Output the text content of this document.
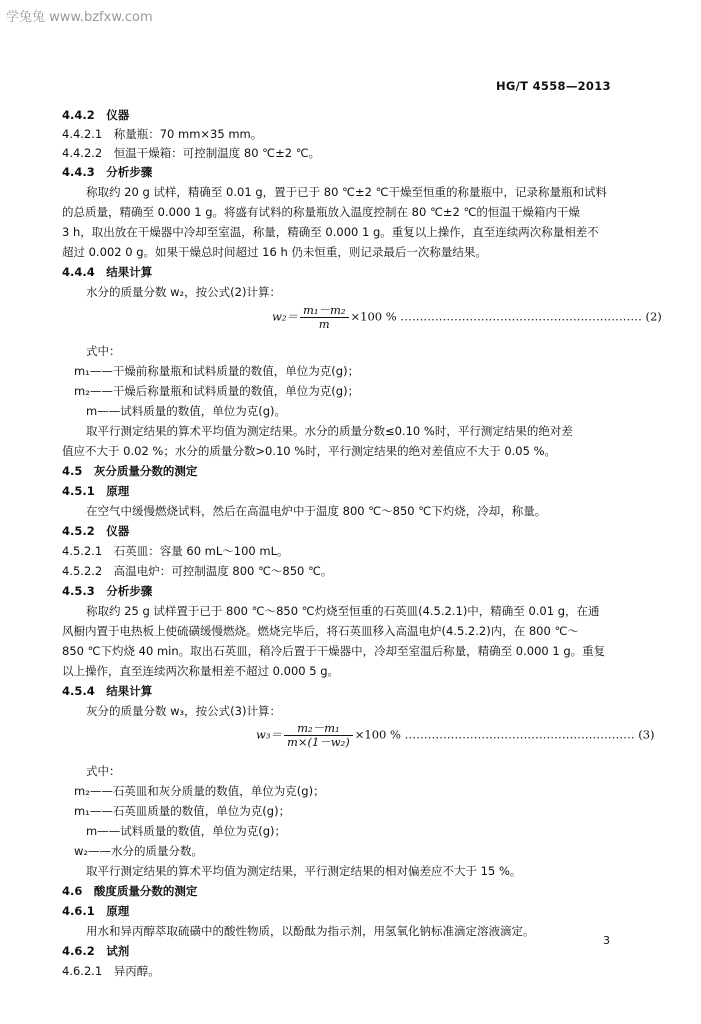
学兔兔 www.bzfxw.com
HG/T 4558—2013
4.4.2　仪器
4.4.2.1　称量瓶：70 mm×35 mm。
4.4.2.2　恒温干燥箱：可控制温度 80 ℃±2 ℃。
4.4.3　分析步骤
称取约 20 g 试样，精确至 0.01 g，置于已于 80 ℃±2 ℃干燥至恒重的称量瓶中，记录称量瓶和试料
的总质量，精确至 0.000 1 g。将盛有试料的称量瓶放入温度控制在 80 ℃±2 ℃的恒温干燥箱内干燥
3 h，取出放在干燥器中冷却至室温，称量，精确至 0.000 1 g。重复以上操作，直至连续两次称量相差不
超过 0.002 0 g。如果干燥总时间超过 16 h 仍未恒重，则记录最后一次称量结果。
4.4.4　结果计算
水分的质量分数 w₂，按公式(2)计算：
$w_2= \frac{\text{m₁－m₂}}{m} \times 100$ % ……………………………………………………… (2)
式中：
m₁——干燥前称量瓶和试料质量的数值，单位为克(g)；
m₂——干燥后称量瓶和试料质量的数值，单位为克(g)；
m——试料质量的数值，单位为克(g)。
取平行测定结果的算术平均值为测定结果。水分的质量分数≤0.10 %时，平行测定结果的绝对差
值应不大于 0.02 %；水分的质量分数>0.10 %时，平行测定结果的绝对差值应不大于 0.05 %。
4.5　灰分质量分数的测定
4.5.1　原理
在空气中缓慢燃烧试料，然后在高温电炉中于温度 800 ℃～850 ℃下灼烧，冷却，称量。
4.5.2　仪器
4.5.2.1　石英皿：容量 60 mL～100 mL。
4.5.2.2　高温电炉：可控制温度 800 ℃～850 ℃。
4.5.3　分析步骤
称取约 25 g 试样置于已于 800 ℃～850 ℃灼烧至恒重的石英皿(4.5.2.1)中，精确至 0.01 g，在通
风橱内置于电热板上使硫磺缓慢燃烧。燃烧完毕后，将石英皿移入高温电炉(4.5.2.2)内，在 800 ℃～
850 ℃下灼烧 40 min。取出石英皿，稍冷后置于干燥器中，冷却至室温后称量，精确至 0.000 1 g。重复
以上操作，直至连续两次称量相差不超过 0.000 5 g。
4.5.4　结果计算
灰分的质量分数 w₃，按公式(3)计算：
$w_3= \frac{\text{m₂－m₁}}{\text{m×(1－w₂)}} \times 100$ % …………………………………………………… (3)
式中：
m₂——石英皿和灰分质量的数值，单位为克(g)；
m₁——石英皿质量的数值，单位为克(g)；
m——试料质量的数值，单位为克(g)；
w₂——水分的质量分数。
取平行测定结果的算术平均值为测定结果，平行测定结果的相对偏差应不大于 15 %。
4.6　酸度质量分数的测定
4.6.1　原理
用水和异丙醇萃取硫磺中的酸性物质，以酚酞为指示剂，用氢氧化钠标准滴定溶液滴定。
4.6.2　试剂
4.6.2.1　异丙醇。
3
